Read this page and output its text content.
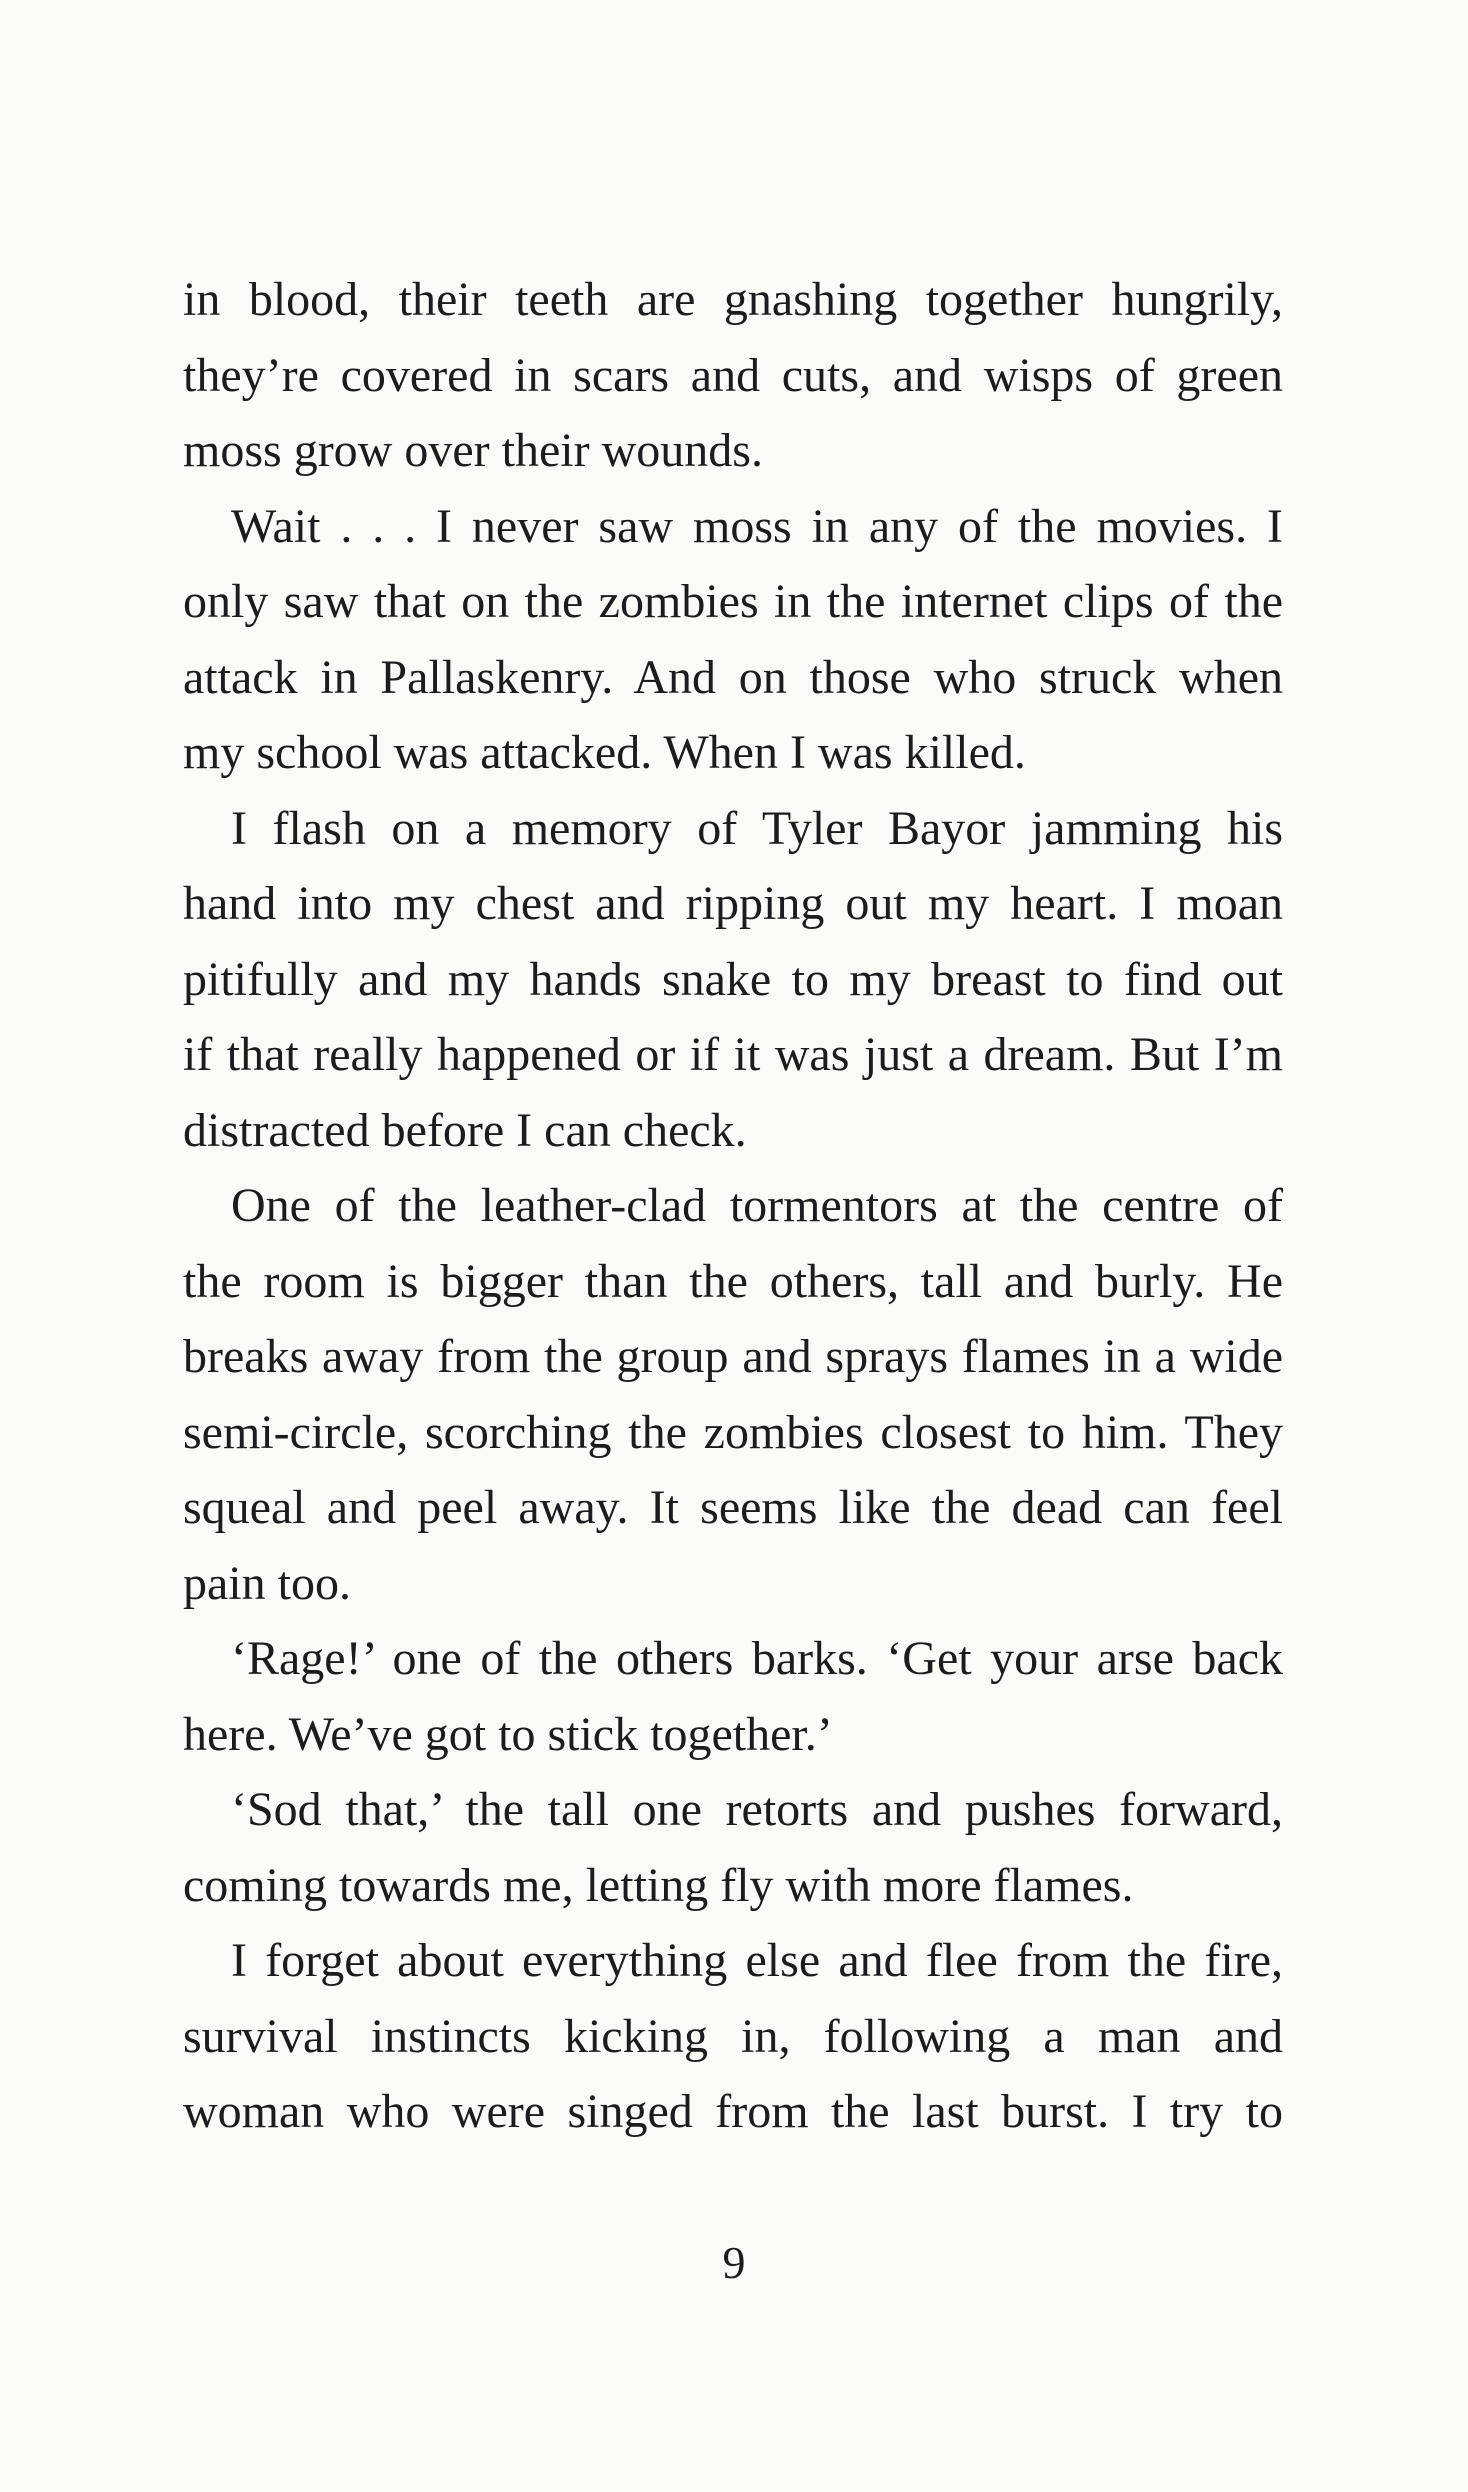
in blood, their teeth are gnashing together hungrily,
they’re covered in scars and cuts, and wisps of green
moss grow over their wounds.
Wait . . . I never saw moss in any of the movies. I
only saw that on the zombies in the internet clips of the
attack in Pallaskenry. And on those who struck when
my school was attacked. When I was killed.
I flash on a memory of Tyler Bayor jamming his
hand into my chest and ripping out my heart. I moan
pitifully and my hands snake to my breast to find out
if that really happened or if it was just a dream. But I’m
distracted before I can check.
One of the leather-clad tormentors at the centre of
the room is bigger than the others, tall and burly. He
breaks away from the group and sprays flames in a wide
semi-circle, scorching the zombies closest to him. They
squeal and peel away. It seems like the dead can feel
pain too.
‘Rage!’ one of the others barks. ‘Get your arse back
here. We’ve got to stick together.’
‘Sod that,’ the tall one retorts and pushes forward,
coming towards me, letting fly with more flames.
I forget about everything else and flee from the fire,
survival instincts kicking in, following a man and
woman who were singed from the last burst. I try to
9
